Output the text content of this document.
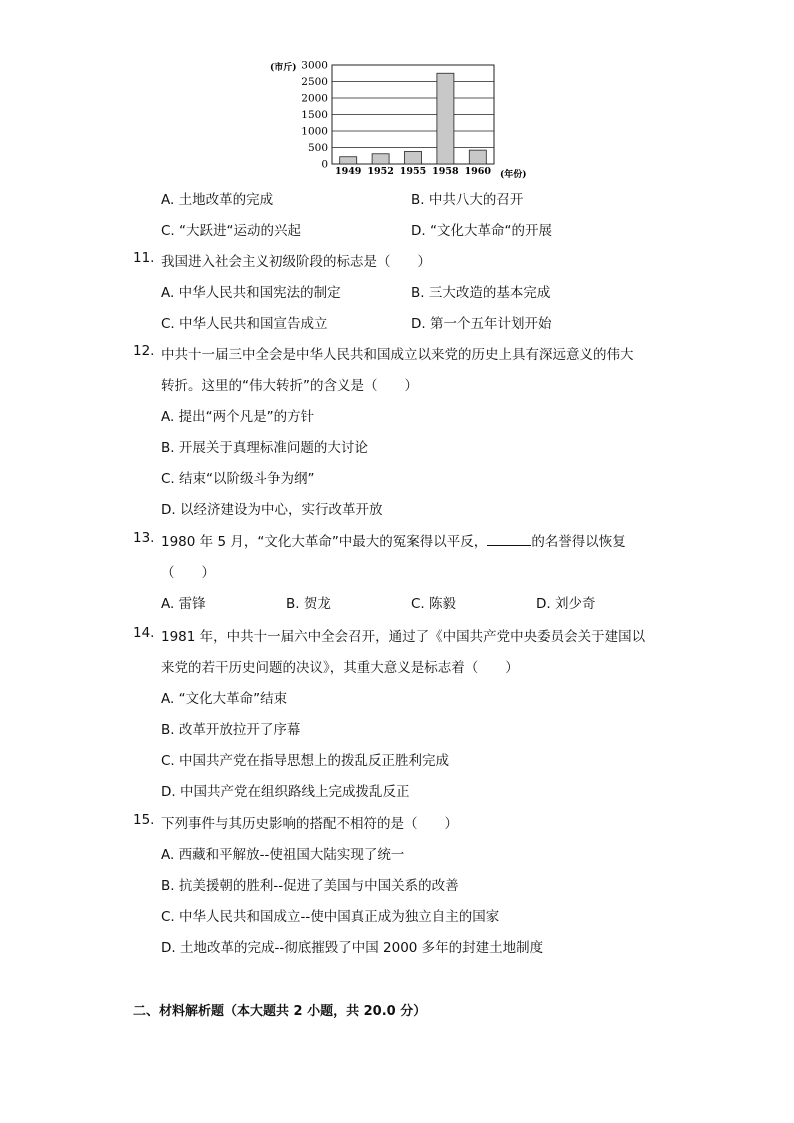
(市斤)
(年份)
0
500
1000
1500
2000
2500
3000
1949 1952 1955 1958 1960
A. 土地改革的完成	B. 中共八大的召开
C. “大跃进“运动的兴起	D. “文化大革命“的开展
11. 我国进入社会主义初级阶段的标志是（　　）
A. 中华人民共和国宪法的制定	B. 三大改造的基本完成
C. 中华人民共和国宣告成立	D. 第一个五年计划开始
12. 中共十一届三中全会是中华人民共和国成立以来党的历史上具有深远意义的伟大
转折。这里的“伟大转折”的含义是（　　）
A. 提出“两个凡是”的方针
B. 开展关于真理标准问题的大讨论
C. 结束“以阶级斗争为纲”
D. 以经济建设为中心，实行改革开放
13. 1980 年 5 月，“文化大革命”中最大的冤案得以平反，	的名誉得以恢复
（　　）
A. 雷锋	B. 贺龙	C. 陈毅	D. 刘少奇
14. 1981 年，中共十一届六中全会召开，通过了《中国共产党中央委员会关于建国以
来党的若干历史问题的决议》，其重大意义是标志着（　　）
A. “文化大革命”结束
B. 改革开放拉开了序幕
C. 中国共产党在指导思想上的拨乱反正胜利完成
D. 中国共产党在组织路线上完成拨乱反正
15. 下列事件与其历史影响的搭配不相符的是（　　）
A. 西藏和平解放--使祖国大陆实现了统一
B. 抗美援朝的胜利--促进了美国与中国关系的改善
C. 中华人民共和国成立--使中国真正成为独立自主的国家
D. 土地改革的完成--彻底摧毁了中国 2000 多年的封建土地制度
二、材料解析题（本大题共 2 小题，共 20.0 分）
